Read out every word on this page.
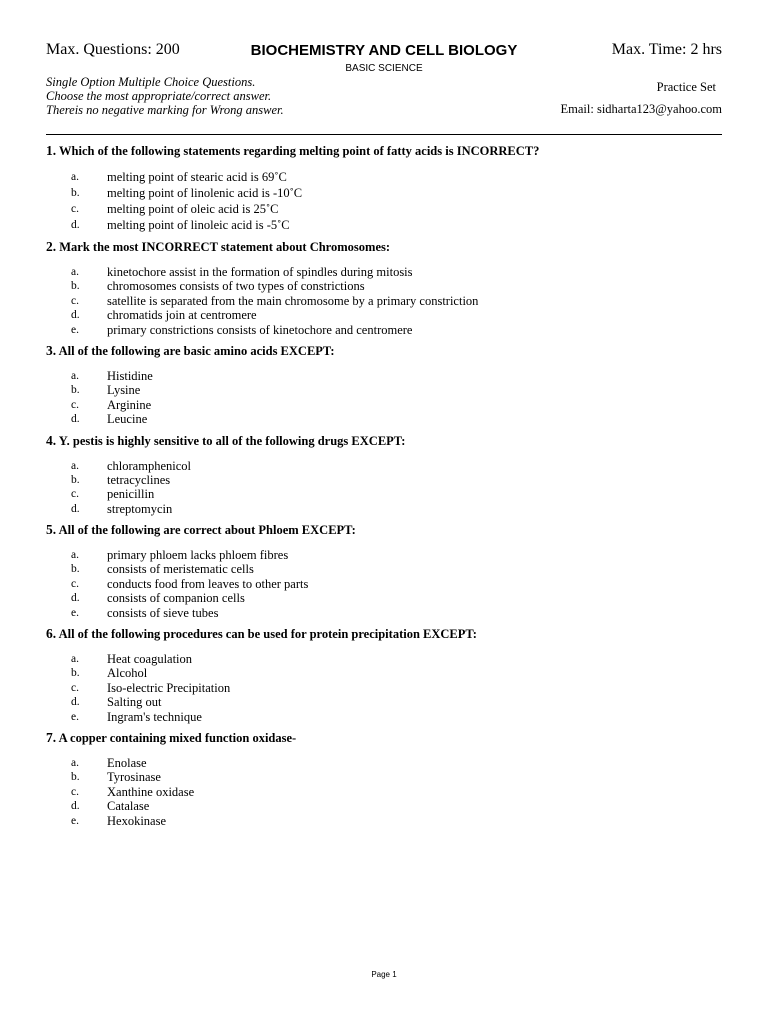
Max. Questions: 200	BIOCHEMISTRY AND CELL BIOLOGY
BASIC SCIENCE
Max. Time: 2 hrs
Single Option Multiple Choice Questions.
Choose the most appropriate/correct answer.
Thereis no negative marking for Wrong answer.
Practice Set
Email: sidharta123@yahoo.com
1. Which of the following statements regarding melting point of fatty acids is INCORRECT?
a. melting point of stearic acid is 69˚C
b. melting point of linolenic acid is -10˚C
c. melting point of oleic acid is 25˚C
d. melting point of linoleic acid is -5˚C
2. Mark the most INCORRECT statement about Chromosomes:
a. kinetochore assist in the formation of spindles during mitosis
b. chromosomes consists of two types of constrictions
c. satellite is separated from the main chromosome by a primary constriction
d. chromatids join at centromere
e. primary constrictions consists of kinetochore and centromere
3. All of the following are basic amino acids EXCEPT:
a. Histidine
b. Lysine
c. Arginine
d. Leucine
4. Y. pestis is highly sensitive to all of the following drugs EXCEPT:
a. chloramphenicol
b. tetracyclines
c. penicillin
d. streptomycin
5. All of the following are correct about Phloem EXCEPT:
a. primary phloem lacks phloem fibres
b. consists of meristematic cells
c. conducts food from leaves to other parts
d. consists of companion cells
e. consists of sieve tubes
6. All of the following procedures can be used for protein precipitation EXCEPT:
a. Heat coagulation
b. Alcohol
c. Iso-electric Precipitation
d. Salting out
e. Ingram's technique
7. A copper containing mixed function oxidase-
a. Enolase
b. Tyrosinase
c. Xanthine oxidase
d. Catalase
e. Hexokinase
Page 1
